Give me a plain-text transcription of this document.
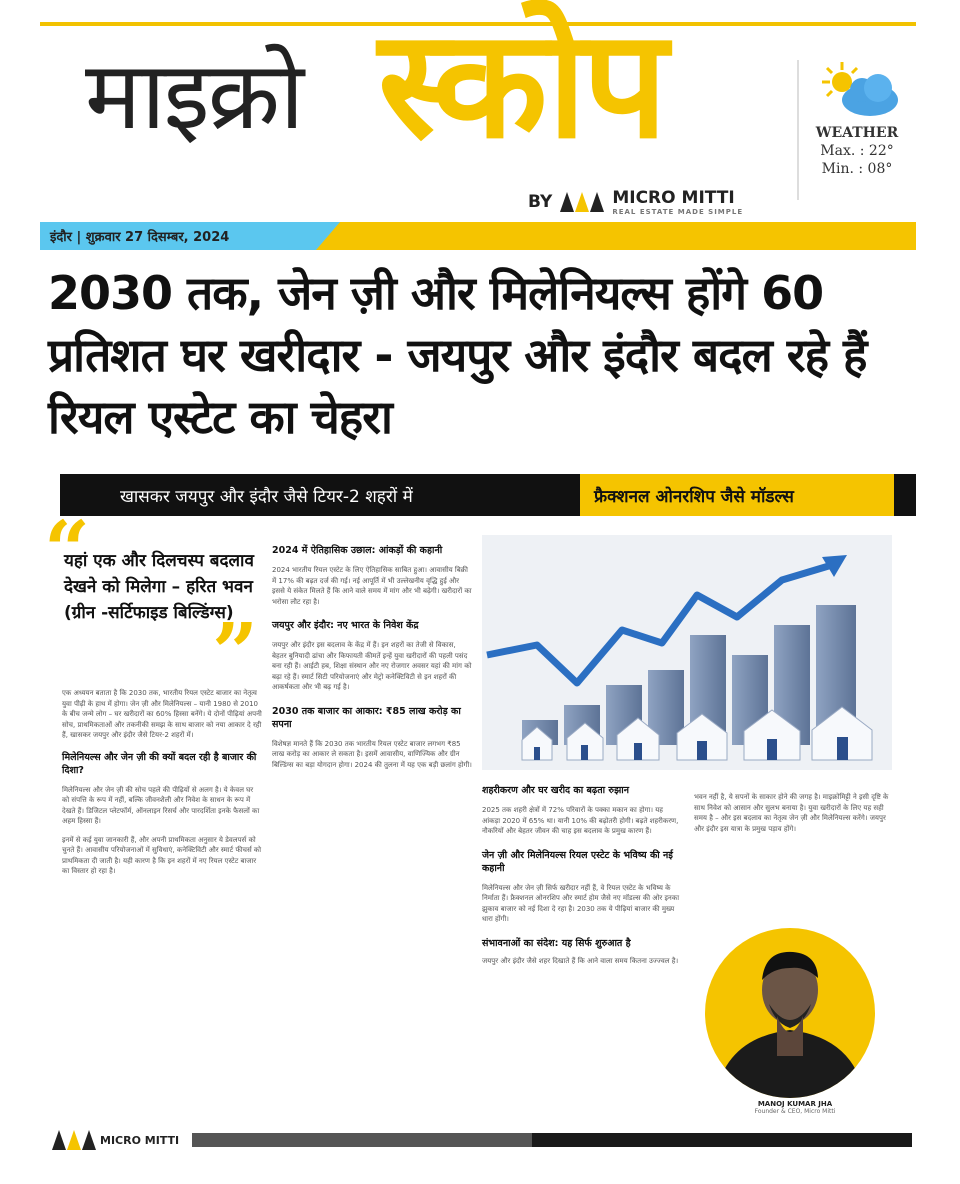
माइक्रो स्कोप
BY	MICRO MITTI
REAL ESTATE MADE SIMPLE
WEATHER
Max. : 22°
Min. : 08°
इंदौर | शुक्रवार 27 दिसम्बर, 2024
2030 तक, जेन ज़ी और मिलेनियल्स होंगे 60 प्रतिशत घर खरीदार - जयपुर और इंदौर बदल रहे हैं रियल एस्टेट का चेहरा
खासकर जयपुर और इंदौर जैसे टियर-2 शहरों में	फ्रैक्शनल ओनरशिप जैसे मॉडल्स
“
यहां एक और दिलचस्प बदलाव देखने को मिलेगा – हरित भवन (ग्रीन -सर्टिफाइड बिल्डिंग्स)
”
एक अध्ययन बताता है कि 2030 तक, भारतीय रियल एस्टेट बाजार का नेतृत्व युवा पीढ़ी के हाथ में होगा। जेन ज़ी और मिलेनियल्स – यानी 1980 से 2010 के बीच जन्मे लोग – घर खरीदारों का 60% हिस्सा बनेंगे। ये दोनों पीढ़ियां अपनी सोच, प्राथमिकताओं और तकनीकी समझ के साथ बाजार को नया आकार दे रही हैं, खासकर जयपुर और इंदौर जैसे टियर-2 शहरों में।
मिलेनियल्स और जेन ज़ी की क्यों बदल रही है बाजार की दिशा?
मिलेनियल्स और जेन ज़ी की सोच पहले की पीढ़ियों से अलग है। ये केवल घर को संपत्ति के रूप में नहीं, बल्कि जीवनशैली और निवेश के साधन के रूप में देखते हैं। डिजिटल प्लेटफॉर्म, ऑनलाइन रिसर्च और पारदर्शिता इनके फैसलों का अहम हिस्सा हैं।
इनमें से कई युवा जानकारी हैं, और अपनी प्राथमिकता अनुसार ये डेवलपर्स को चुनते हैं। आवासीय परियोजनाओं में सुविधाएं, कनेक्टिविटी और स्मार्ट फीचर्स को प्राथमिकता दी जाती है। यही कारण है कि इन शहरों में नए रियल एस्टेट बाजार का विस्तार हो रहा है।
2024 में ऐतिहासिक उछाल: आंकड़ों की कहानी
2024 भारतीय रियल एस्टेट के लिए ऐतिहासिक साबित हुआ। आवासीय बिक्री में 17% की बढ़त दर्ज की गई। नई आपूर्ति में भी उल्लेखनीय वृद्धि हुई और इससे ये संकेत मिलते हैं कि आने वाले समय में मांग और भी बढ़ेगी। खरीदारों का भरोसा लौट रहा है।
जयपुर और इंदौर: नए भारत के निवेश केंद्र
जयपुर और इंदौर इस बदलाव के केंद्र में हैं। इन शहरों का तेजी से विकास, बेहतर बुनियादी ढांचा और किफायती कीमतें इन्हें युवा खरीदारों की पहली पसंद बना रही हैं। आईटी हब, शिक्षा संस्थान और नए रोजगार अवसर यहां की मांग को बढ़ा रहे हैं। स्मार्ट सिटी परियोजनाएं और मेट्रो कनेक्टिविटी से इन शहरों की आकर्षकता और भी बढ़ गई है।
2030 तक बाजार का आकार: ₹85 लाख करोड़ का सपना
विशेषज्ञ मानते हैं कि 2030 तक भारतीय रियल एस्टेट बाजार लगभग ₹85 लाख करोड़ का आकार ले सकता है। इसमें आवासीय, वाणिज्यिक और ग्रीन बिल्डिंग्स का बड़ा योगदान होगा। 2024 की तुलना में यह एक बड़ी छलांग होगी।
शहरीकरण और घर खरीद का बढ़ता रुझान
2025 तक शहरी क्षेत्रों में 72% परिवारों के पक्का मकान का होगा। यह आंकड़ा 2020 में 65% था। यानी 10% की बढ़ोतरी होगी। बढ़ते शहरीकरण, नौकरियों और बेहतर जीवन की चाह इस बदलाव के प्रमुख कारण हैं।
जेन ज़ी और मिलेनियल्स रियल एस्टेट के भविष्य की नई कहानी
मिलेनियल्स और जेन ज़ी सिर्फ खरीदार नहीं हैं, वे रियल एस्टेट के भविष्य के निर्माता हैं। फ्रैक्शनल ओनरशिप और स्मार्ट होम जैसे नए मॉडल्स की ओर इनका झुकाव बाजार को नई दिशा दे रहा है। 2030 तक ये पीढ़ियां बाजार की मुख्य धारा होंगी।
संभावनाओं का संदेश: यह सिर्फ शुरुआत है
जयपुर और इंदौर जैसे शहर दिखाते हैं कि आने वाला समय कितना उज्ज्वल है।
भवन नहीं है, ये सपनों के साकार होने की जगह है। माइक्रोमिट्टी ने इसी दृष्टि के साथ निवेश को आसान और सुलभ बनाया है। युवा खरीदारों के लिए यह सही समय है – और इस बदलाव का नेतृत्व जेन ज़ी और मिलेनियल्स करेंगे। जयपुर और इंदौर इस यात्रा के प्रमुख पड़ाव होंगे।
MANOJ KUMAR JHA
Founder & CEO, Micro Mitti
MICRO MITTI
